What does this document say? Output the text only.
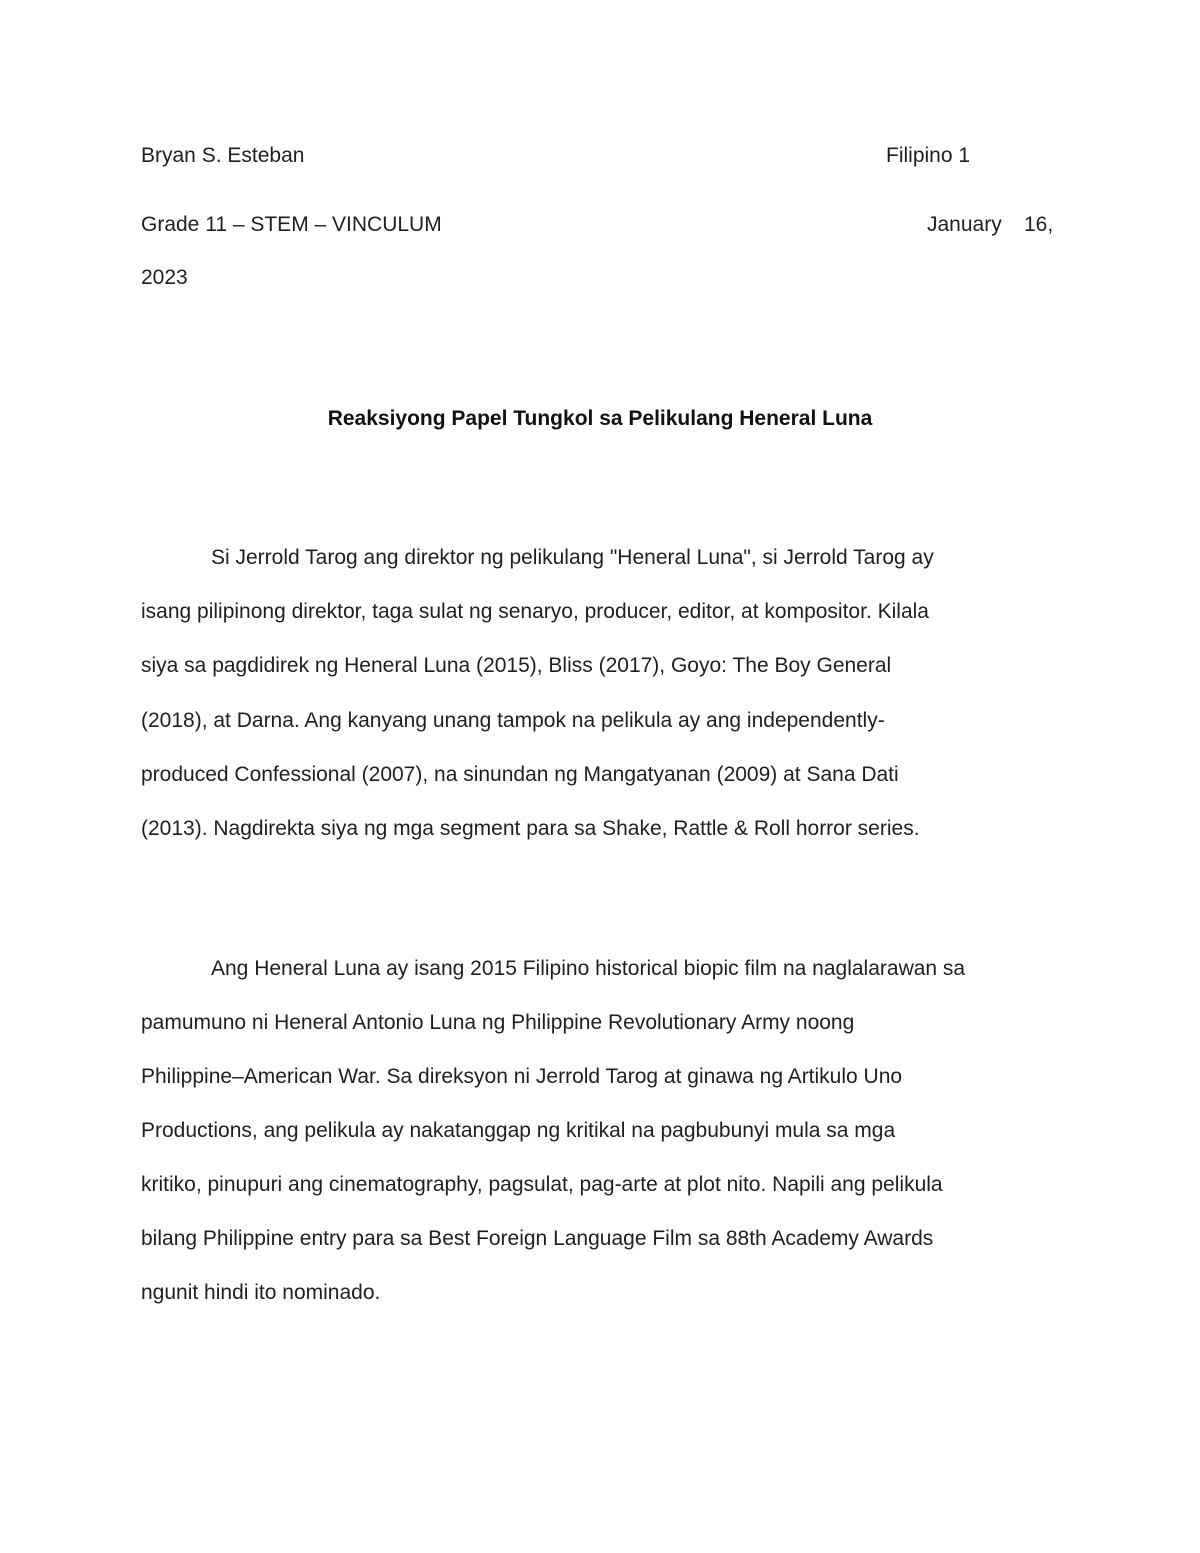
Bryan S. Esteban	Filipino 1
Grade 11 – STEM – VINCULUM	January 16,
2023
Reaksiyong Papel Tungkol sa Pelikulang Heneral Luna
Si Jerrold Tarog ang direktor ng pelikulang "Heneral Luna", si Jerrold Tarog ay
isang pilipinong direktor, taga sulat ng senaryo, producer, editor, at kompositor. Kilala
siya sa pagdidirek ng Heneral Luna (2015), Bliss (2017), Goyo: The Boy General
(2018), at Darna. Ang kanyang unang tampok na pelikula ay ang independently-
produced Confessional (2007), na sinundan ng Mangatyanan (2009) at Sana Dati
(2013). Nagdirekta siya ng mga segment para sa Shake, Rattle & Roll horror series.
Ang Heneral Luna ay isang 2015 Filipino historical biopic film na naglalarawan sa
pamumuno ni Heneral Antonio Luna ng Philippine Revolutionary Army noong
Philippine–American War. Sa direksyon ni Jerrold Tarog at ginawa ng Artikulo Uno
Productions, ang pelikula ay nakatanggap ng kritikal na pagbubunyi mula sa mga
kritiko, pinupuri ang cinematography, pagsulat, pag-arte at plot nito. Napili ang pelikula
bilang Philippine entry para sa Best Foreign Language Film sa 88th Academy Awards
ngunit hindi ito nominado.
